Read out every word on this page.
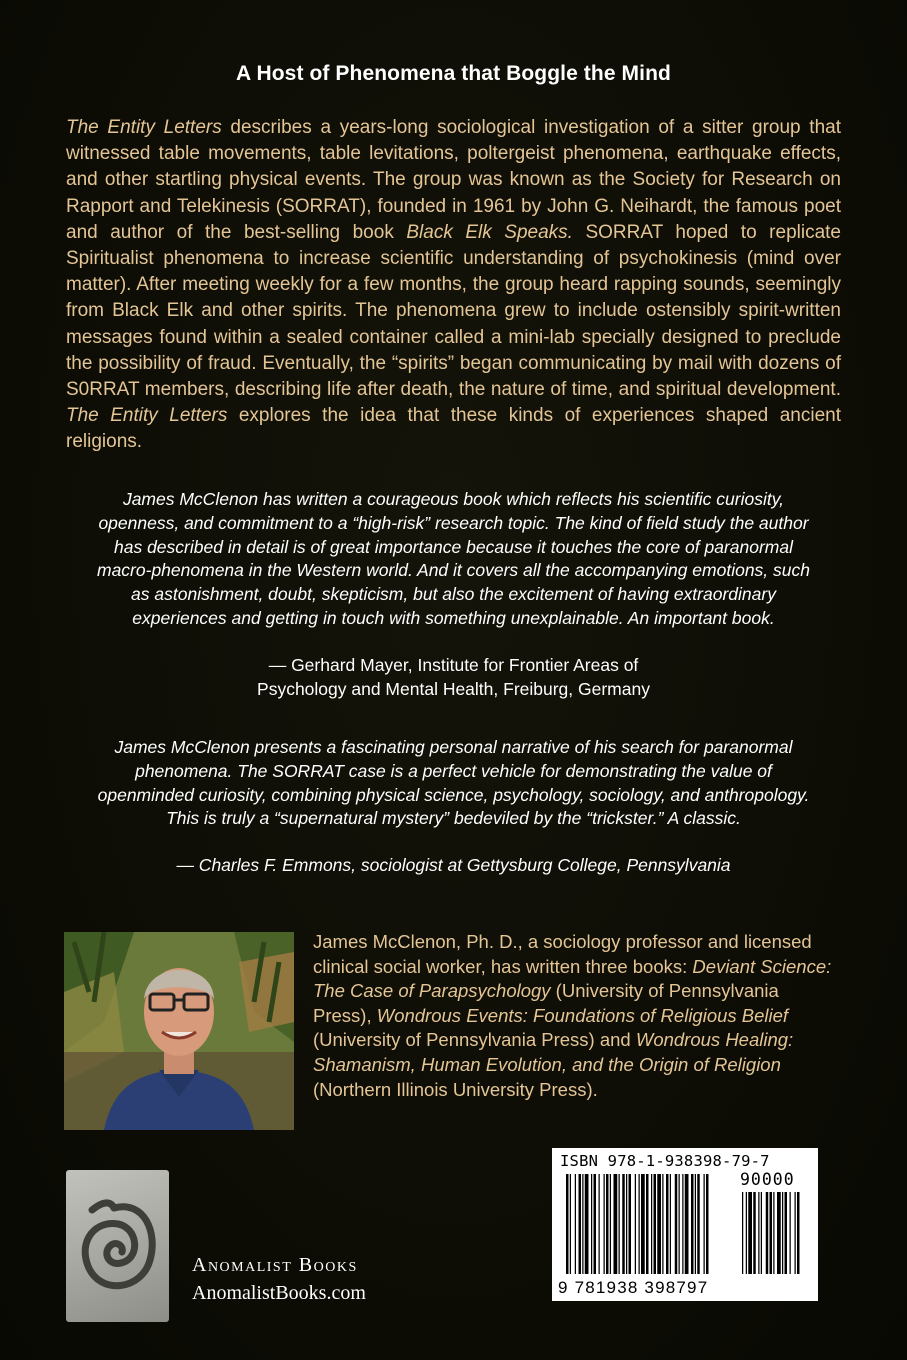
A Host of Phenomena that Boggle the Mind
The Entity Letters describes a years-long sociological investigation of a sitter group that witnessed table movements, table levitations, poltergeist phenomena, earthquake effects, and other startling physical events. The group was known as the Society for Research on Rapport and Telekinesis (SORRAT), founded in 1961 by John G. Neihardt, the famous poet and author of the best-selling book Black Elk Speaks. SORRAT hoped to replicate Spiritualist phenomena to increase scientific understanding of psychokinesis (mind over matter). After meeting weekly for a few months, the group heard rapping sounds, seemingly from Black Elk and other spirits. The phenomena grew to include ostensibly spirit-written messages found within a sealed container called a mini-lab specially designed to preclude the possibility of fraud. Eventually, the “spirits” began communicating by mail with dozens of S0RRAT members, describing life after death, the nature of time, and spiritual development. The Entity Letters explores the idea that these kinds of experiences shaped ancient religions.
James McClenon has written a courageous book which reflects his scientific curiosity, openness, and commitment to a “high-risk” research topic. The kind of field study the author has described in detail is of great importance because it touches the core of paranormal macro-phenomena in the Western world. And it covers all the accompanying emotions, such as astonishment, doubt, skepticism, but also the excitement of having extraordinary experiences and getting in touch with something unexplainable. An important book.
— Gerhard Mayer, Institute for Frontier Areas of
Psychology and Mental Health, Freiburg, Germany
James McClenon presents a fascinating personal narrative of his search for paranormal phenomena. The SORRAT case is a perfect vehicle for demonstrating the value of openminded curiosity, combining physical science, psychology, sociology, and anthropology. This is truly a “supernatural mystery” bedeviled by the “trickster.” A classic.
— Charles F. Emmons, sociologist at Gettysburg College, Pennsylvania
James McClenon, Ph. D., a sociology professor and licensed clinical social worker, has written three books: Deviant Science: The Case of Parapsychology (University of Pennsylvania Press), Wondrous Events: Foundations of Religious Belief (University of Pennsylvania Press) and Wondrous Healing: Shamanism, Human Evolution, and the Origin of Religion (Northern Illinois University Press).
Anomalist Books
AnomalistBooks.com
ISBN 978-1-938398-79-7
90000
9 781938 398797
